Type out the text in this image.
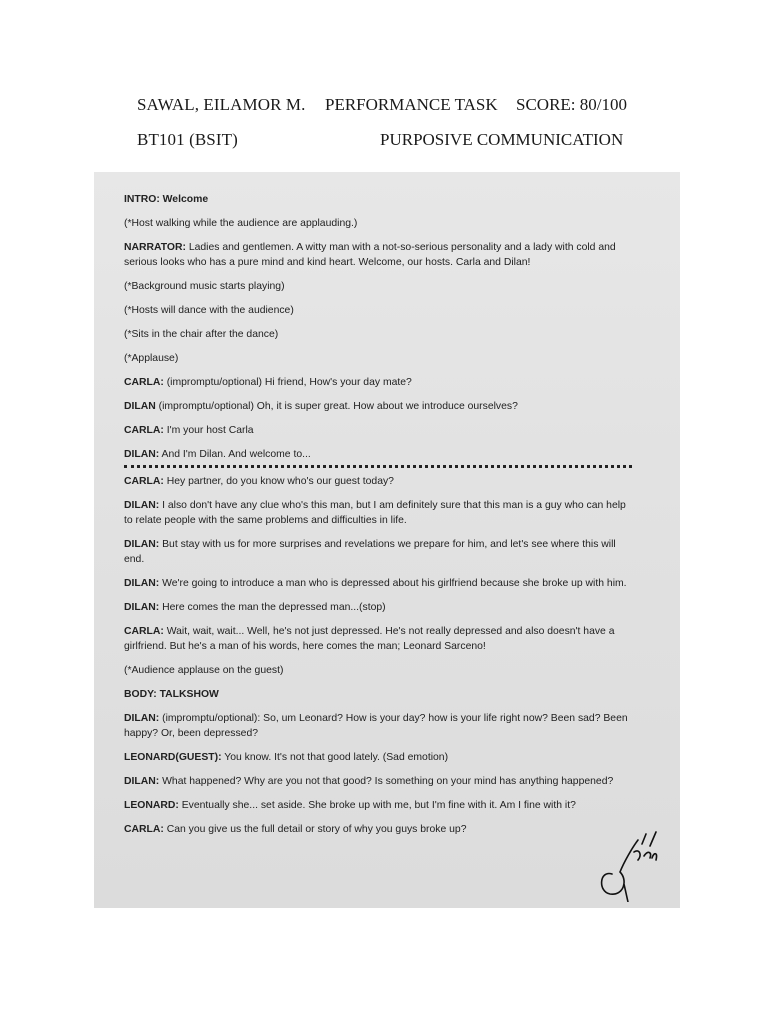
SAWAL, EILAMOR M. PERFORMANCE TASK SCORE: 80/100
BT101 (BSIT)	PURPOSIVE COMMUNICATION
INTRO: Welcome
(*Host walking while the audience are applauding.)
NARRATOR: Ladies and gentlemen. A witty man with a not-so-serious personality and a lady with cold and serious looks who has a pure mind and kind heart. Welcome, our hosts. Carla and Dilan!
(*Background music starts playing)
(*Hosts will dance with the audience)
(*Sits in the chair after the dance)
(*Applause)
CARLA: (impromptu/optional) Hi friend, How's your day mate?
DILAN (impromptu/optional) Oh, it is super great. How about we introduce ourselves?
CARLA: I'm your host Carla
DILAN: And I'm Dilan. And welcome to...
CARLA: Hey partner, do you know who's our guest today?
DILAN: I also don't have any clue who's this man, but I am definitely sure that this man is a guy who can help to relate people with the same problems and difficulties in life.
DILAN: But stay with us for more surprises and revelations we prepare for him, and let's see where this will end.
DILAN: We're going to introduce a man who is depressed about his girlfriend because she broke up with him.
DILAN: Here comes the man the depressed man...(stop)
CARLA: Wait, wait, wait... Well, he's not just depressed. He's not really depressed and also doesn't have a girlfriend. But he's a man of his words, here comes the man; Leonard Sarceno!
(*Audience applause on the guest)
BODY: TALKSHOW
DILAN: (impromptu/optional): So, um Leonard? How is your day? how is your life right now? Been sad? Been happy? Or, been depressed?
LEONARD(GUEST): You know. It's not that good lately. (Sad emotion)
DILAN: What happened? Why are you not that good? Is something on your mind has anything happened?
LEONARD: Eventually she... set aside. She broke up with me, but I'm fine with it. Am I fine with it?
CARLA: Can you give us the full detail or story of why you guys broke up?
